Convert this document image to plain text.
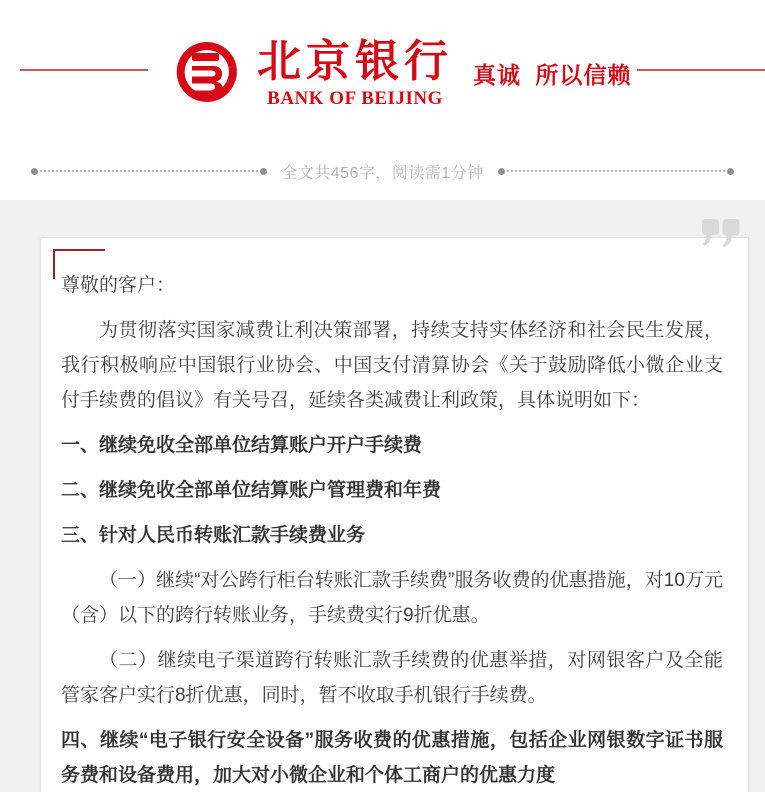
北京银行
BANK OF BEIJING
真诚 所以信赖
全文共456字，阅读需1分钟

尊敬的客户：

为贯彻落实国家减费让利决策部署，持续支持实体经济和社会民生发展，我行积极响应中国银行业协会、中国支付清算协会《关于鼓励降低小微企业支付手续费的倡议》有关号召，延续各类减费让利政策，具体说明如下：

一、继续免收全部单位结算账户开户手续费

二、继续免收全部单位结算账户管理费和年费

三、针对人民币转账汇款手续费业务

（一）继续“对公跨行柜台转账汇款手续费”服务收费的优惠措施，对10万元（含）以下的跨行转账业务，手续费实行9折优惠。

（二）继续电子渠道跨行转账汇款手续费的优惠举措，对网银客户及全能管家客户实行8折优惠，同时，暂不收取手机银行手续费。

四、继续“电子银行安全设备”服务收费的优惠措施，包括企业网银数字证书服务费和设备费用，加大对小微企业和个体工商户的优惠力度
